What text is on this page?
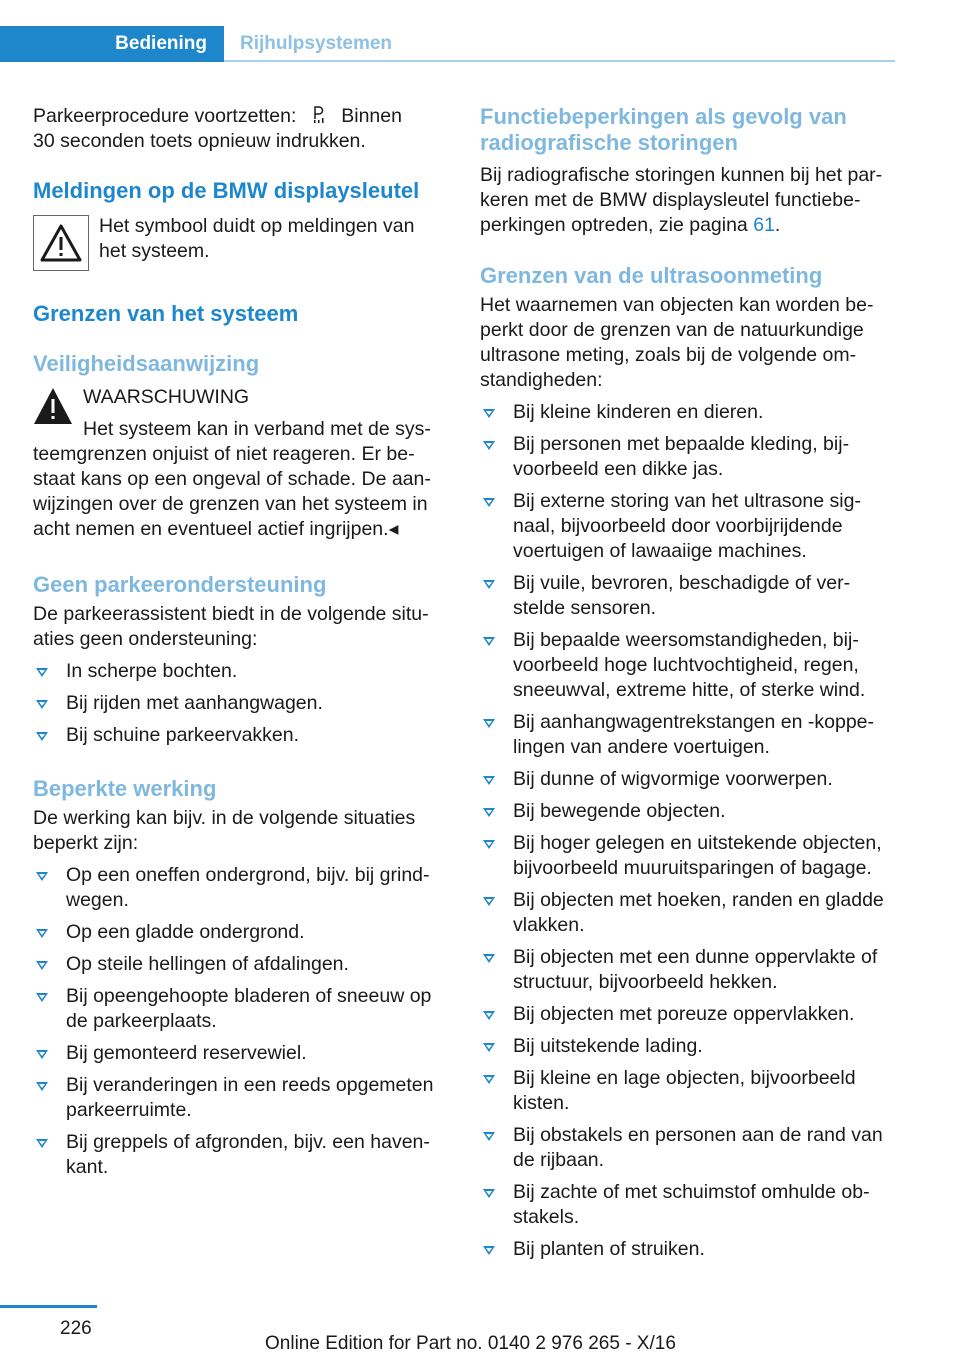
Bediening Rijhulpsystemen

Parkeerprocedure voortzetten: Binnen
30 seconden toets opnieuw indrukken.

Meldingen op de BMW displaysleutel

Het symbool duidt op meldingen van het systeem.

Grenzen van het systeem
Veiligheidsaanwijzing

WAARSCHUWING

Het systeem kan in verband met de systeemgrenzen onjuist of niet reageren. Er bestaat kans op een ongeval of schade. De aanwijzingen over de grenzen van het systeem in acht nemen en eventueel actief ingrijpen.◂

Geen parkeerondersteuning

De parkeerassistent biedt in de volgende situaties geen ondersteuning:

In scherpe bochten.
Bij rijden met aanhangwagen.
Bij schuine parkeervakken.
Beperkte werking

De werking kan bijv. in de volgende situaties beperkt zijn:

Op een oneffen ondergrond, bijv. bij grindwegen.
Op een gladde ondergrond.
Op steile hellingen of afdalingen.
Bij opeengehoopte bladeren of sneeuw op de parkeerplaats.
Bij gemonteerd reservewiel.
Bij veranderingen in een reeds opgemeten parkeerruimte.
Bij greppels of afgronden, bijv. een havenkant.
Functiebeperkingen als gevolg van radiografische storingen

Bij radiografische storingen kunnen bij het parkeren met de BMW displaysleutel functiebeperkingen optreden, zie pagina 61.

Grenzen van de ultrasoonmeting

Het waarnemen van objecten kan worden beperkt door de grenzen van de natuurkundige ultrasone meting, zoals bij de volgende omstandigheden:

Bij kleine kinderen en dieren.
Bij personen met bepaalde kleding, bijvoorbeeld een dikke jas.
Bij externe storing van het ultrasone signaal, bijvoorbeeld door voorbijrijdende voertuigen of lawaaiige machines.
Bij vuile, bevroren, beschadigde of verstelde sensoren.
Bij bepaalde weersomstandigheden, bijvoorbeeld hoge luchtvochtigheid, regen, sneeuwval, extreme hitte, of sterke wind.
Bij aanhangwagentrekstangen en -koppelingen van andere voertuigen.
Bij dunne of wigvormige voorwerpen.
Bij bewegende objecten.
Bij hoger gelegen en uitstekende objecten, bijvoorbeeld muuruitsparingen of bagage.
Bij objecten met hoeken, randen en gladde vlakken.
Bij objecten met een dunne oppervlakte of structuur, bijvoorbeeld hekken.
Bij objecten met poreuze oppervlakken.
Bij uitstekende lading.
Bij kleine en lage objecten, bijvoorbeeld kisten.
Bij obstakels en personen aan de rand van de rijbaan.
Bij zachte of met schuimstof omhulde obstakels.
Bij planten of struiken.
226
Online Edition for Part no. 0140 2 976 265 - X/16
